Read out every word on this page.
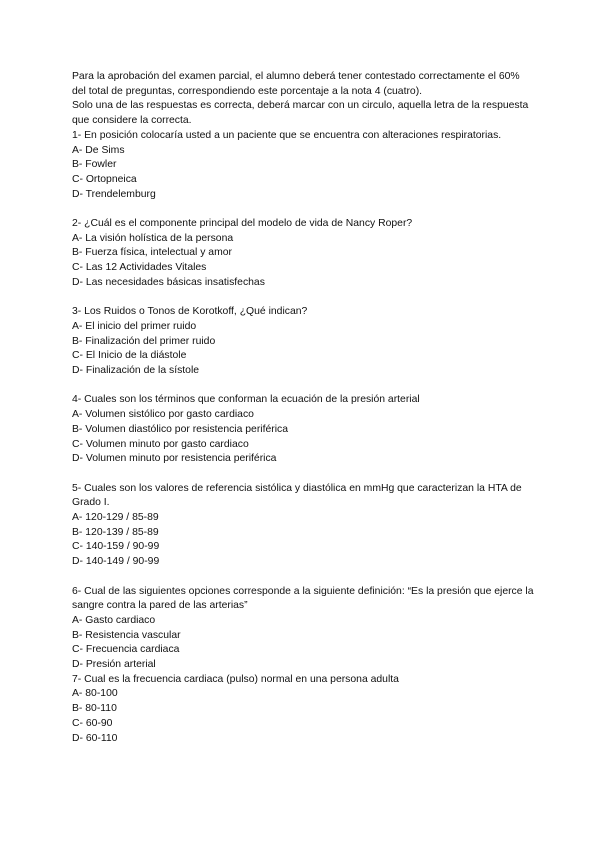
Para la aprobación del examen parcial, el alumno deberá tener contestado correctamente el 60% del total de preguntas, correspondiendo este porcentaje a la nota 4 (cuatro).

Solo una de las respuestas es correcta, deberá marcar con un circulo, aquella letra de la respuesta que considere la correcta.

1- En posición colocaría usted a un paciente que se encuentra con alteraciones respiratorias.

A- De Sims

B- Fowler

C- Ortopneica

D- Trendelemburg

2- ¿Cuál es el componente principal del modelo de vida de Nancy Roper?

A- La visión holística de la persona

B- Fuerza física, intelectual y amor

C- Las 12 Actividades Vitales

D- Las necesidades básicas insatisfechas

3- Los Ruidos o Tonos de Korotkoff, ¿Qué indican?

A- El inicio del primer ruido

B- Finalización del primer ruido

C- El Inicio de la diástole

D- Finalización de la sístole

4- Cuales son los términos que conforman la ecuación de la presión arterial

A- Volumen sistólico por gasto cardiaco

B- Volumen diastólico por resistencia periférica

C- Volumen minuto por gasto cardiaco

D- Volumen minuto por resistencia periférica

5- Cuales son los valores de referencia sistólica y diastólica en mmHg que caracterizan la HTA de Grado I.

A- 120-129 / 85-89

B- 120-139 / 85-89

C- 140-159 / 90-99

D- 140-149 / 90-99

6- Cual de las siguientes opciones corresponde a la siguiente definición: “Es la presión que ejerce la sangre contra la pared de las arterias”

A- Gasto cardiaco

B- Resistencia vascular

C- Frecuencia cardiaca

D- Presión arterial

7- Cual es la frecuencia cardiaca (pulso) normal en una persona adulta

A- 80-100

B- 80-110

C- 60-90

D- 60-110
